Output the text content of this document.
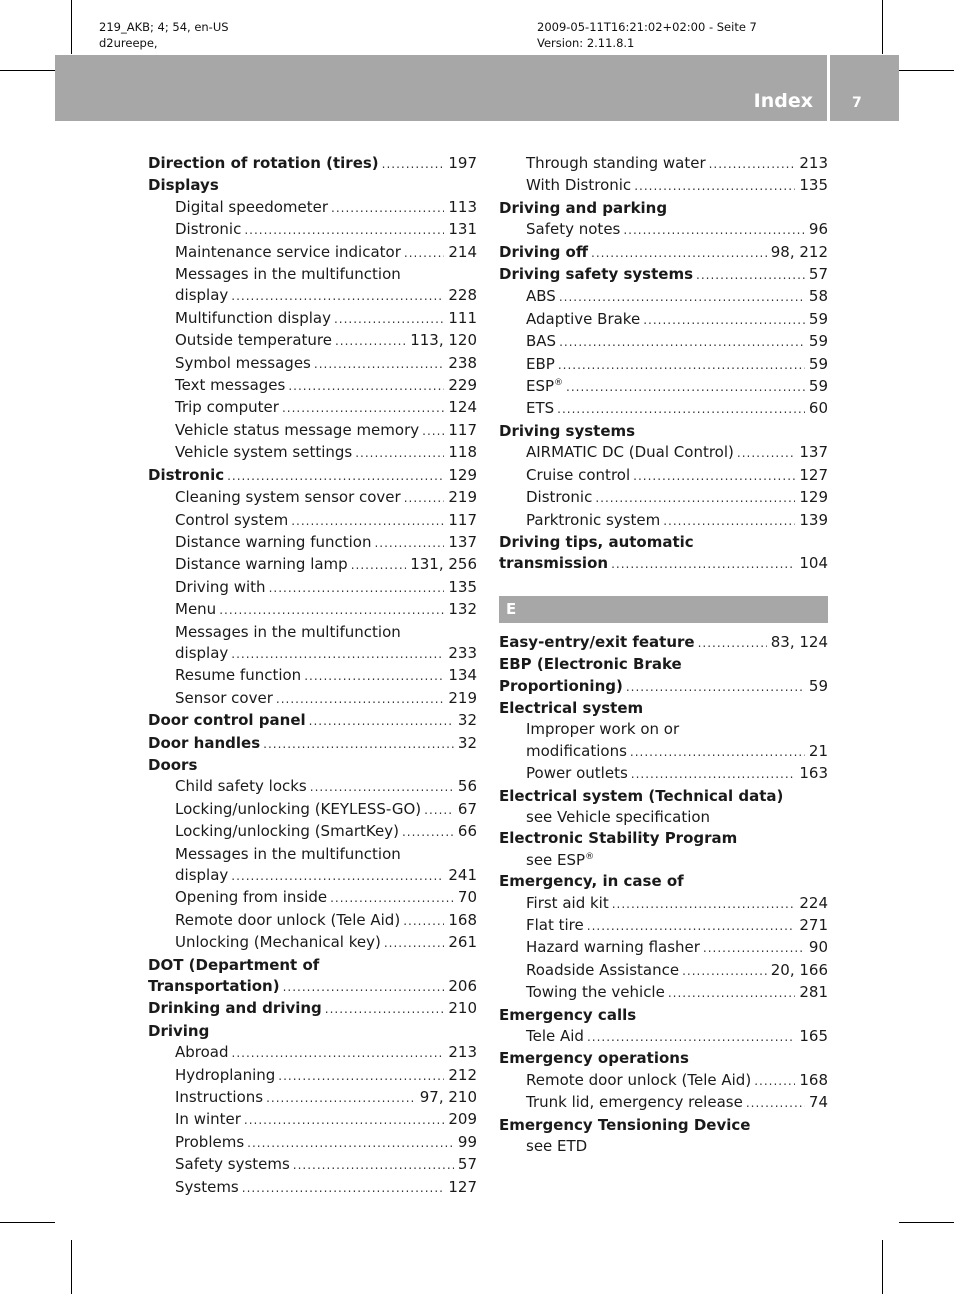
219_AKB; 4; 54, en-US
d2ureepe,
2009-05-11T16:21:02+02:00 - Seite 7
Version: 2.11.8.1
Index	7
Direction of rotation (tires) .....	197
Displays
Digital speedometer .....	113
Distronic .....	131
Maintenance service indicator .....	214
Messages in the multifunction
display .....	228
Multifunction display .....	111
Outside temperature .....	113, 120
Symbol messages .....	238
Text messages .....	229
Trip computer .....	124
Vehicle status message memory ..... 117
Vehicle system settings .....	118
Distronic .....	129
Cleaning system sensor cover .....	219
Control system .....	117
Distance warning function .....	137
Distance warning lamp .....	131, 256
Driving with .....	135
Menu .....	132
Messages in the multifunction
display .....	233
Resume function .....	134
Sensor cover .....	219
Door control panel .....	32
Door handles .....	32
Doors
Child safety locks .....	56
Locking/unlocking (KEYLESS-GO) ..... 67
Locking/unlocking (SmartKey) .....	66
Messages in the multifunction
display .....	241
Opening from inside .....	70
Remote door unlock (Tele Aid) .....	168
Unlocking (Mechanical key) .....	261
DOT (Department of
Transportation) .....	206
Drinking and driving .....	210
Driving
Abroad .....	213
Hydroplaning .....	212
Instructions .....	97, 210
In winter .....	209
Problems .....	99
Safety systems .....	57
Systems .....	127
Through standing water .....	213
With Distronic .....	135
Driving and parking
Safety notes .....	96
Driving off .....	98, 212
Driving safety systems .....	57
ABS .....	58
Adaptive Brake .....	59
BAS .....	59
EBP .....	59
ESP® .....	59
ETS .....	60
Driving systems
AIRMATIC DC (Dual Control) .....	137
Cruise control .....	127
Distronic .....	129
Parktronic system .....	139
Driving tips, automatic
transmission .....	104
E
Easy-entry/exit feature .....	83, 124
EBP (Electronic Brake
Proportioning) .....	59
Electrical system
Improper work on or
modifications .....	21
Power outlets .....	163
Electrical system (Technical data)
see Vehicle specification
Electronic Stability Program
see ESP®
Emergency, in case of
First aid kit .....	224
Flat tire .....	271
Hazard warning flasher .....	90
Roadside Assistance .....	20, 166
Towing the vehicle .....	281
Emergency calls
Tele Aid .....	165
Emergency operations
Remote door unlock (Tele Aid) .....	168
Trunk lid, emergency release .....	74
Emergency Tensioning Device
see ETD
